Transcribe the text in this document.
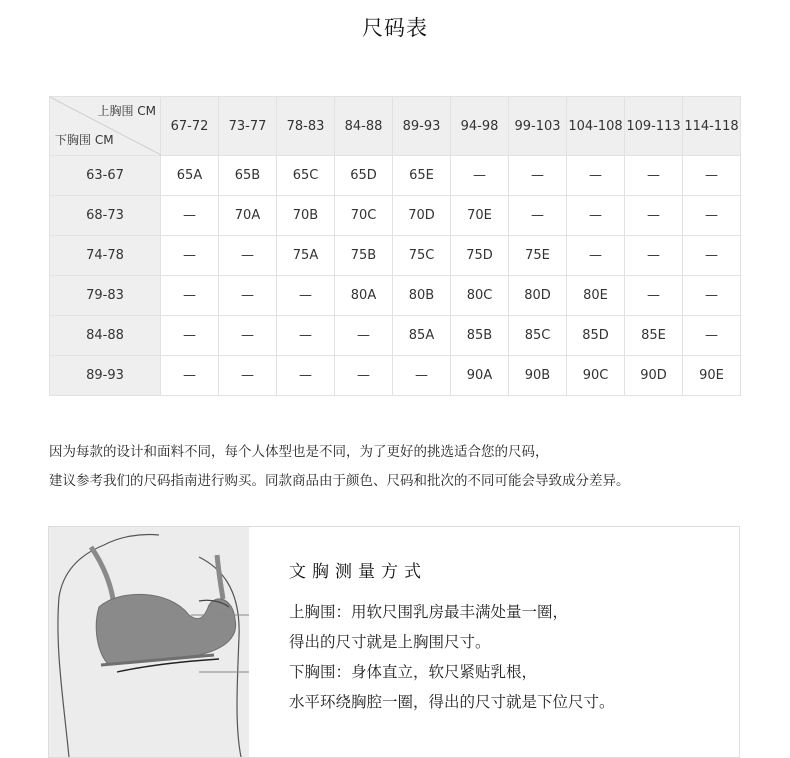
尺码表
上胸围 CM
下胸围 CM	67-72	73-77	78-83	84-88	89-93	94-98	99-103	104-108	109-113	114-118
63-67	65A	65B	65C	65D	65E	—	—	—	—	—
68-73	—	70A	70B	70C	70D	70E	—	—	—	—
74-78	—	—	75A	75B	75C	75D	75E	—	—	—
79-83	—	—	—	80A	80B	80C	80D	80E	—	—
84-88	—	—	—	—	85A	85B	85C	85D	85E	—
89-93	—	—	—	—	—	90A	90B	90C	90D	90E

因为每款的设计和面料不同，每个人体型也是不同，为了更好的挑选适合您的尺码，

建议参考我们的尺码指南进行购买。同款商品由于颜色、尺码和批次的不同可能会导致成分差异。

文胸测量方式

上胸围：用软尺围乳房最丰满处量一圈，

得出的尺寸就是上胸围尺寸。

下胸围：身体直立，软尺紧贴乳根，

水平环绕胸腔一圈，得出的尺寸就是下位尺寸。
